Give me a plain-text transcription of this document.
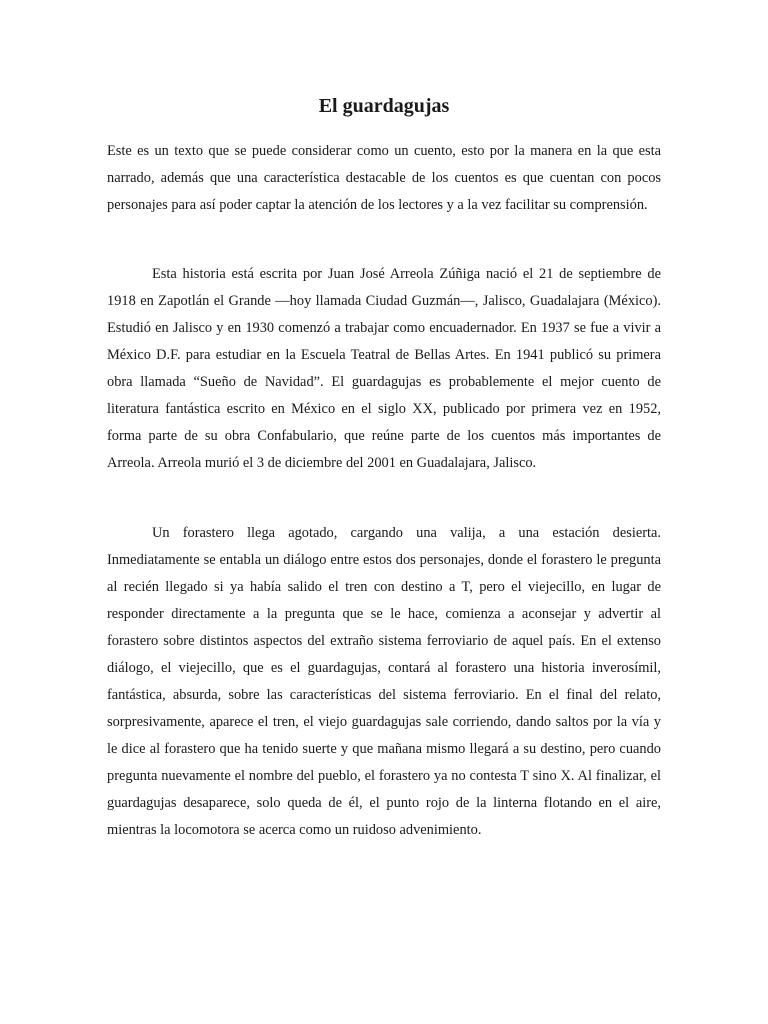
El guardagujas

Este es un texto que se puede considerar como un cuento, esto por la manera en la que esta narrado, además que una característica destacable de los cuentos es que cuentan con pocos personajes para así poder captar la atención de los lectores y a la vez facilitar su comprensión.

Esta historia está escrita por Juan José Arreola Zúñiga nació el 21 de septiembre de 1918 en Zapotlán el Grande —hoy llamada Ciudad Guzmán—, Jalisco, Guadalajara (México). Estudió en Jalisco y en 1930 comenzó a trabajar como encuadernador. En 1937 se fue a vivir a México D.F. para estudiar en la Escuela Teatral de Bellas Artes. En 1941 publicó su primera obra llamada “Sueño de Navidad”. El guardagujas es probablemente el mejor cuento de literatura fantástica escrito en México en el siglo XX, publicado por primera vez en 1952, forma parte de su obra Confabulario, que reúne parte de los cuentos más importantes de Arreola. Arreola murió el 3 de diciembre del 2001 en Guadalajara, Jalisco.

Un forastero llega agotado, cargando una valija, a una estación desierta. Inmediatamente se entabla un diálogo entre estos dos personajes, donde el forastero le pregunta al recién llegado si ya había salido el tren con destino a T, pero el viejecillo, en lugar de responder directamente a la pregunta que se le hace, comienza a aconsejar y advertir al forastero sobre distintos aspectos del extraño sistema ferroviario de aquel país. En el extenso diálogo, el viejecillo, que es el guardagujas, contará al forastero una historia inverosímil, fantástica, absurda, sobre las características del sistema ferroviario. En el final del relato, sorpresivamente, aparece el tren, el viejo guardagujas sale corriendo, dando saltos por la vía y le dice al forastero que ha tenido suerte y que mañana mismo llegará a su destino, pero cuando pregunta nuevamente el nombre del pueblo, el forastero ya no contesta T sino X. Al finalizar, el guardagujas desaparece, solo queda de él, el punto rojo de la linterna flotando en el aire, mientras la locomotora se acerca como un ruidoso advenimiento.
